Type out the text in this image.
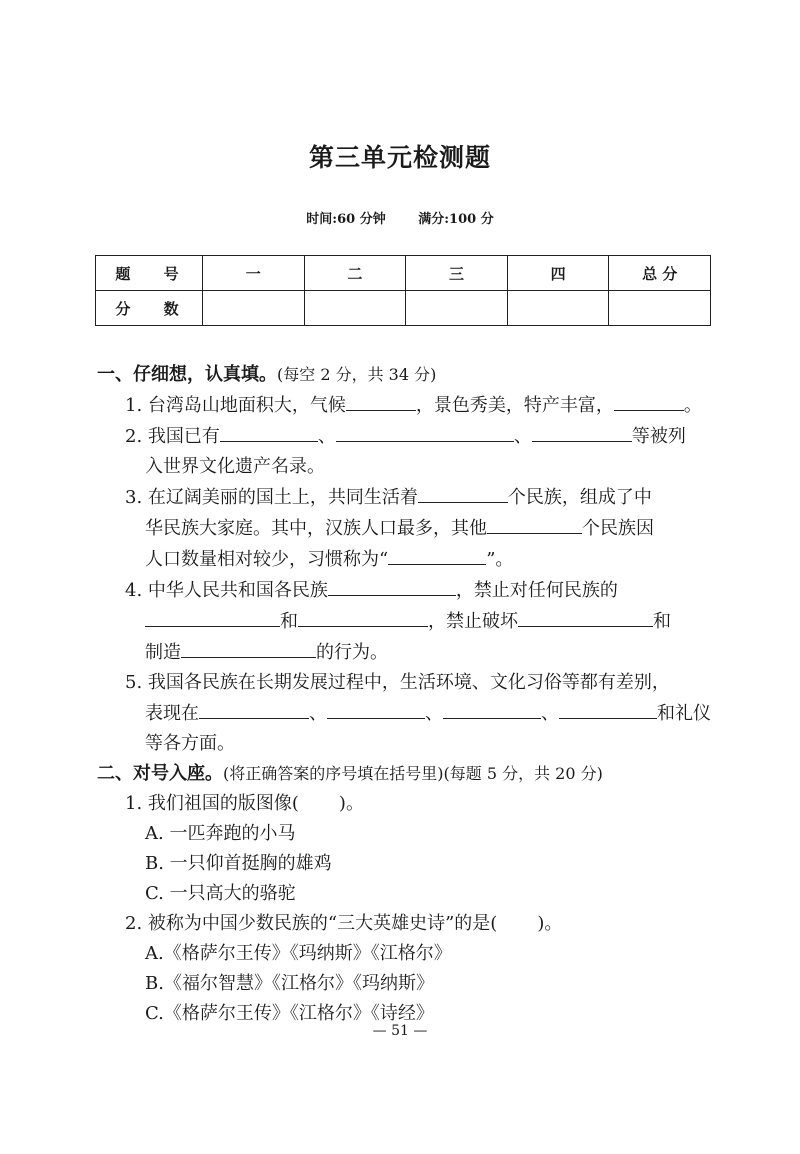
第三单元检测题
时间:60 分钟	满分:100 分
题 号	一	二	三	四	总 分
分 数					
一、仔细想，认真填。(每空 2 分，共 34 分)
1. 台湾岛山地面积大，气候	，景色秀美，特产丰富，	。
2. 我国已有	、	、	等被列
入世界文化遗产名录。
3. 在辽阔美丽的国土上，共同生活着	个民族，组成了中
华民族大家庭。其中，汉族人口最多，其他	个民族因
人口数量相对较少，习惯称为“	”。
4. 中华人民共和国各民族	，禁止对任何民族的
和	，禁止破坏	和
制造	的行为。
5. 我国各民族在长期发展过程中，生活环境、文化习俗等都有差别，
表现在	、	、	、	和礼仪
等各方面。
二、对号入座。(将正确答案的序号填在括号里)(每题 5 分，共 20 分)
1. 我们祖国的版图像( )。
A. 一匹奔跑的小马
B. 一只仰首挺胸的雄鸡
C. 一只高大的骆驼
2. 被称为中国少数民族的“三大英雄史诗”的是( )。
A.《格萨尔王传》《玛纳斯》《江格尔》
B.《福尔智慧》《江格尔》《玛纳斯》
C.《格萨尔王传》《江格尔》《诗经》
— 51 —
